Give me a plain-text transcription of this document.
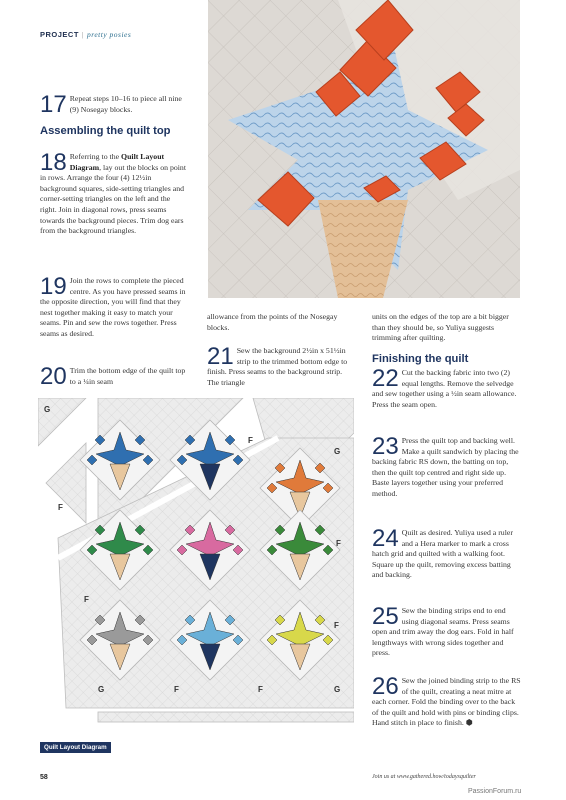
PROJECT | pretty posies
17 Repeat steps 10–16 to piece all nine (9) Nosegay blocks.
Assembling the quilt top
18 Referring to the Quilt Layout Diagram, lay out the blocks on point in rows. Arrange the four (4) 12½in background squares, side-setting triangles and corner-setting triangles on the left and the right. Join in diagonal rows, press seams towards the background pieces. Trim dog ears from the background triangles.
19 Join the rows to complete the pieced centre. As you have pressed seams in the opposite direction, you will find that they nest together making it easy to match your seams. Pin and sew the rows together. Press seams as desired.
20 Trim the bottom edge of the quilt top to a ¼in seam
allowance from the points of the Nosegay blocks.
21 Sew the background 2½in x 51½in strip to the trimmed bottom edge to finish. Press seams to the background strip. The triangle
units on the edges of the top are a bit bigger than they should be, so Yuliya suggests trimming after quilting.
Finishing the quilt
22 Cut the backing fabric into two (2) equal lengths. Remove the selvedge and sew together using a ½in seam allowance. Press the seam open.
23 Press the quilt top and backing well. Make a quilt sandwich by placing the backing fabric RS down, the batting on top, then the quilt top centred and right side up. Baste layers together using your preferred method.
24 Quilt as desired. Yuliya used a ruler and a Hera marker to mark a cross hatch grid and quilted with a walking foot. Square up the quilt, removing excess batting and backing.
25 Sew the binding strips end to end using diagonal seams. Press seams open and trim away the dog ears. Fold in half lengthways with wrong sides together and press.
26 Sew the joined binding strip to the RS of the quilt, creating a neat mitre at each corner. Fold the binding over to the back of the quilt and hold with pins or binding clips. Hand stitch in place to finish. ⬢
G
F
G
F
F
F
F
G	F	F	G
Quilt Layout Diagram
58	Join us at www.gathered.how/todaysquilter
PassionForum.ru
